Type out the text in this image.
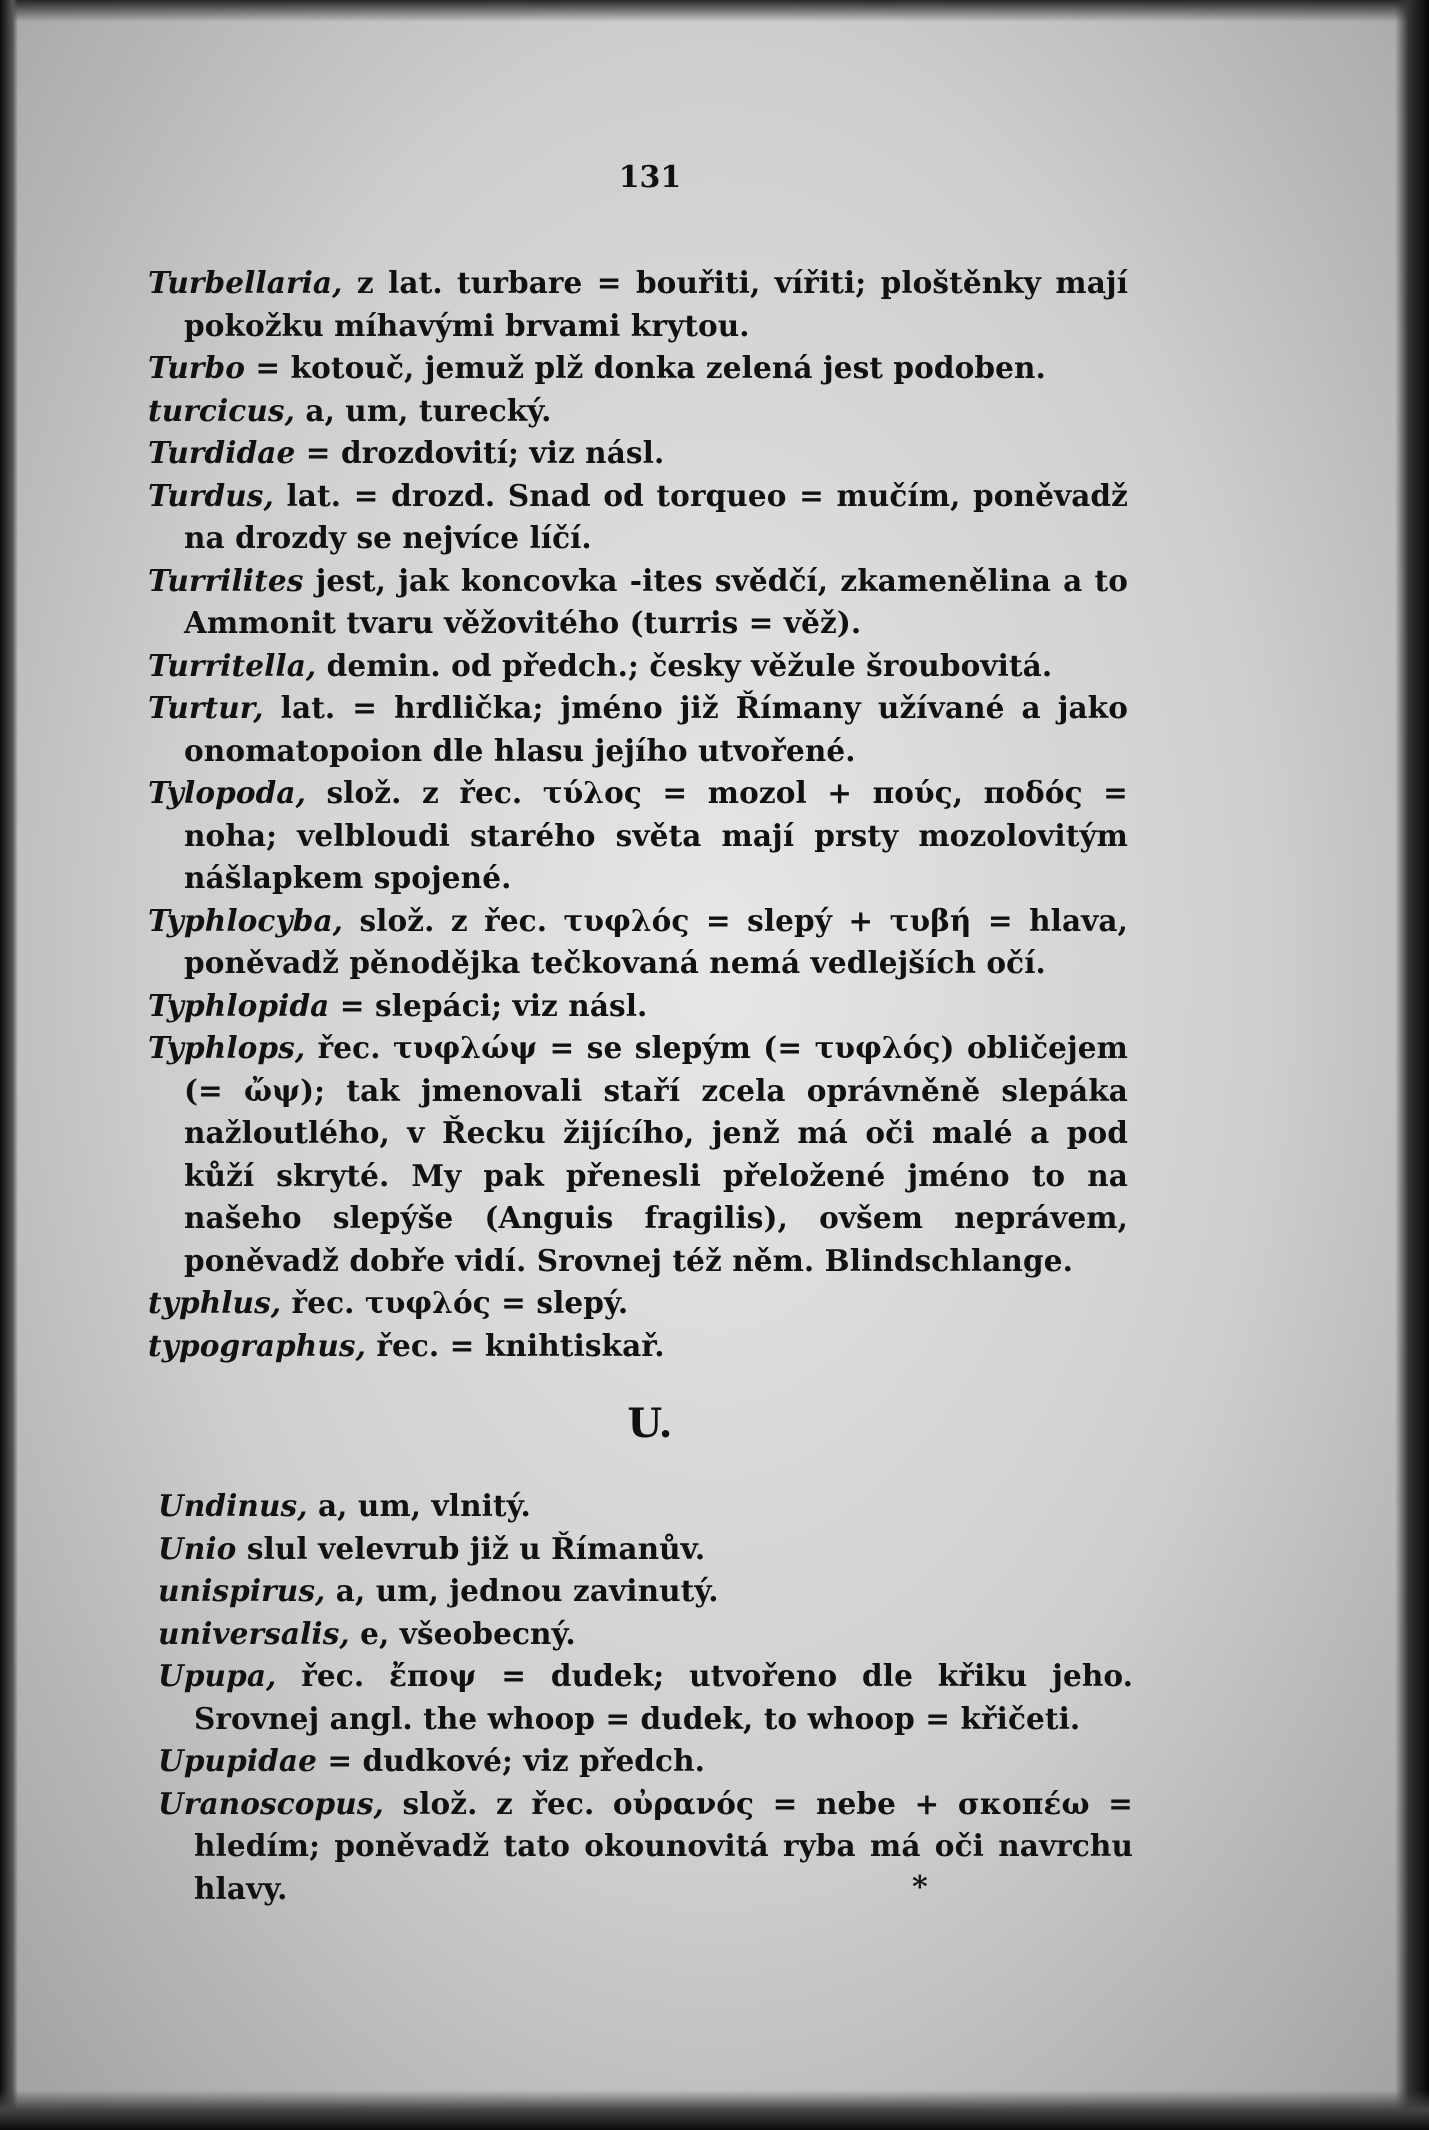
131
Turbellaria, z lat. turbare = bouřiti, vířiti; ploštěnky mají pokožku míhavými brvami krytou.
Turbo = kotouč, jemuž plž donka zelená jest podoben.
turcicus, a, um, turecký.
Turdidae = drozdovití; viz násl.
Turdus, lat. = drozd. Snad od torqueo = mučím, poněvadž na drozdy se nejvíce líčí.
Turrilites jest, jak koncovka -ites svědčí, zkamenělina a to Ammonit tvaru věžovitého (turris = věž).
Turritella, demin. od předch.; česky věžule šroubovitá.
Turtur, lat. = hrdlička; jméno již Římany užívané a jako onomatopoion dle hlasu jejího utvořené.
Tylopoda, slož. z řec. τύλος = mozol + πούς, ποδός = noha; velbloudi starého světa mají prsty mozolovitým nášlapkem spojené.
Typhlocyba, slož. z řec. τυφλός = slepý + τυβή = hlava, poněvadž pěnodějka tečkovaná nemá vedlejších očí.
Typhlopida = slepáci; viz násl.
Typhlops, řec. τυφλώψ = se slepým (= τυφλός) obličejem (= ὤψ); tak jmenovali staří zcela oprávněně slepáka nažloutlého, v Řecku žijícího, jenž má oči malé a pod kůží skryté. My pak přenesli přeložené jméno to na našeho slepýše (Anguis fragilis), ovšem neprávem, poněvadž dobře vidí. Srovnej též něm. Blindschlange.
typhlus, řec. τυφλός = slepý.
typographus, řec. = knihtiskař.
U.
Undinus, a, um, vlnitý.
Unio slul velevrub již u Římanův.
unispirus, a, um, jednou zavinutý.
universalis, e, všeobecný.
Upupa, řec. ἔποψ = dudek; utvořeno dle křiku jeho. Srovnej angl. the whoop = dudek, to whoop = křičeti.
Upupidae = dudkové; viz předch.
Uranoscopus, slož. z řec. οὐρανός = nebe + σκοπέω = hledím; poněvadž tato okounovitá ryba má oči navrchu hlavy.	*
